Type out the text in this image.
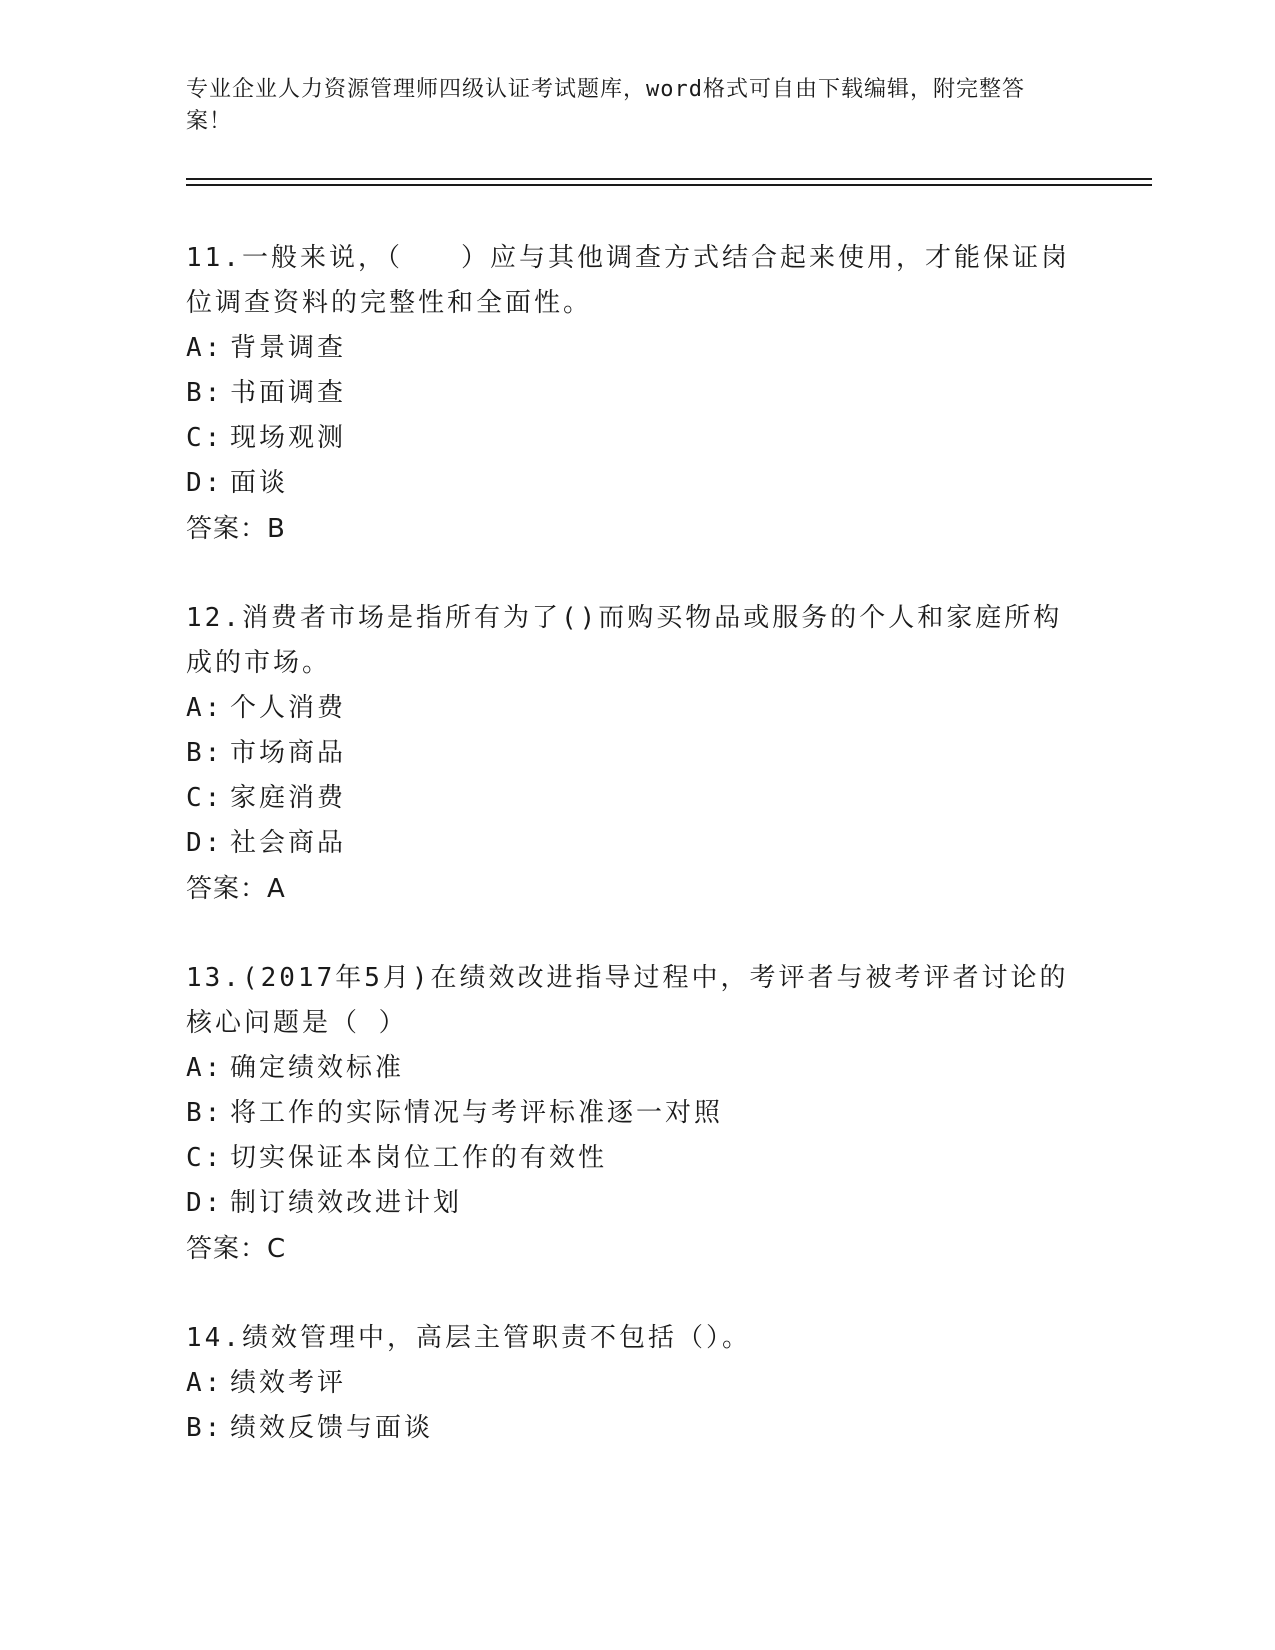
专业企业人力资源管理师四级认证考试题库，word格式可自由下载编辑，附完整答案！
11.一般来说，（　　）应与其他调查方式结合起来使用，才能保证岗位调查资料的完整性和全面性。
A: 背景调查
B: 书面调查
C: 现场观测
D: 面谈
答案：B
12.消费者市场是指所有为了()而购买物品或服务的个人和家庭所构成的市场。
A: 个人消费
B: 市场商品
C: 家庭消费
D: 社会商品
答案：A
13.(2017年5月)在绩效改进指导过程中，考评者与被考评者讨论的核心问题是（ ）
A: 确定绩效标准
B: 将工作的实际情况与考评标准逐一对照
C: 切实保证本岗位工作的有效性
D: 制订绩效改进计划
答案：C
14.绩效管理中，高层主管职责不包括（）。
A: 绩效考评
B: 绩效反馈与面谈
